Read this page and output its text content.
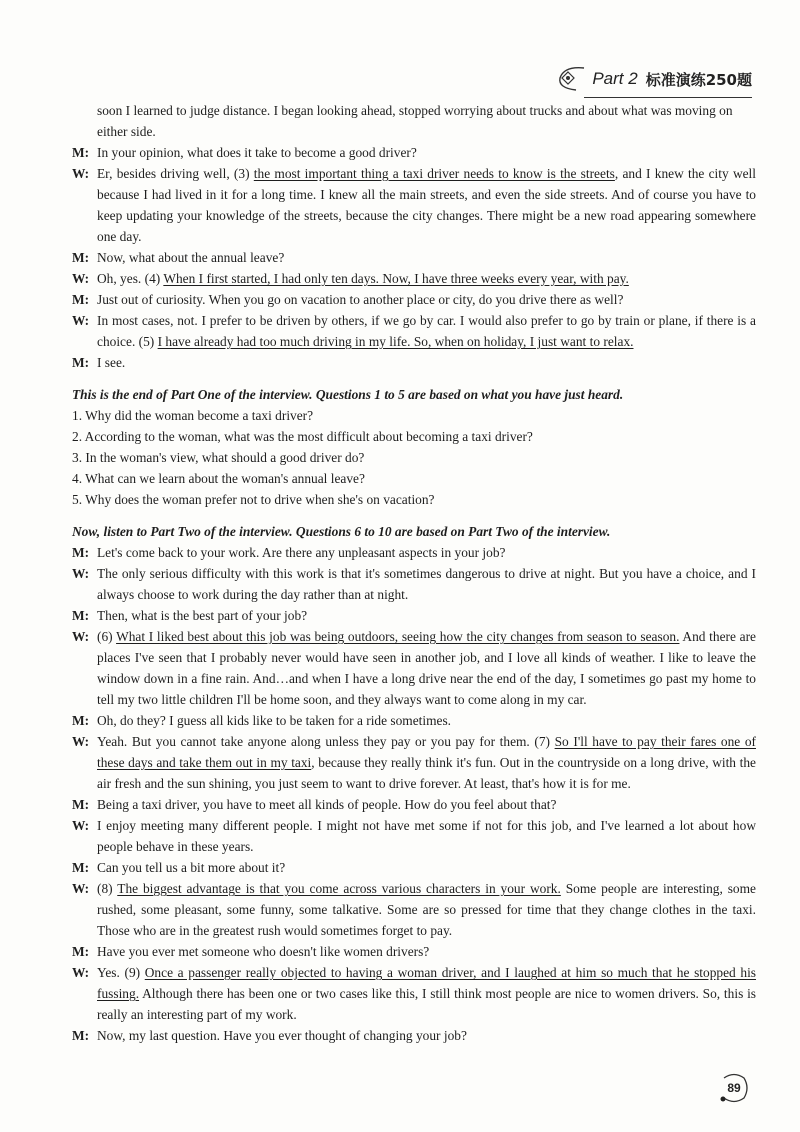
Part 2 标准演练250题

soon I learned to judge distance. I began looking ahead, stopped worrying about trucks and about what was moving on either side.

M: In your opinion, what does it take to become a good driver?
W: Er, besides driving well, (3) the most important thing a taxi driver needs to know is the streets, and I knew the city well because I had lived in it for a long time. I knew all the main streets, and even the side streets. And of course you have to keep updating your knowledge of the streets, because the city changes. There might be a new road appearing somewhere one day.
M: Now, what about the annual leave?
W: Oh, yes. (4) When I first started, I had only ten days. Now, I have three weeks every year, with pay.
M: Just out of curiosity. When you go on vacation to another place or city, do you drive there as well?
W: In most cases, not. I prefer to be driven by others, if we go by car. I would also prefer to go by train or plane, if there is a choice. (5) I have already had too much driving in my life. So, when on holiday, I just want to relax.
M: I see.

This is the end of Part One of the interview. Questions 1 to 5 are based on what you have just heard.

1. Why did the woman become a taxi driver?

2. According to the woman, what was the most difficult about becoming a taxi driver?

3. In the woman's view, what should a good driver do?

4. What can we learn about the woman's annual leave?

5. Why does the woman prefer not to drive when she's on vacation?

Now, listen to Part Two of the interview. Questions 6 to 10 are based on Part Two of the interview.

M: Let's come back to your work. Are there any unpleasant aspects in your job?
W: The only serious difficulty with this work is that it's sometimes dangerous to drive at night. But you have a choice, and I always choose to work during the day rather than at night.
M: Then, what is the best part of your job?
W: (6) What I liked best about this job was being outdoors, seeing how the city changes from season to season. And there are places I've seen that I probably never would have seen in another job, and I love all kinds of weather. I like to leave the window down in a fine rain. And…and when I have a long drive near the end of the day, I sometimes go past my home to tell my two little children I'll be home soon, and they always want to come along in my car.
M: Oh, do they? I guess all kids like to be taken for a ride sometimes.
W: Yeah. But you cannot take anyone along unless they pay or you pay for them. (7) So I'll have to pay their fares one of these days and take them out in my taxi, because they really think it's fun. Out in the countryside on a long drive, with the air fresh and the sun shining, you just seem to want to drive forever. At least, that's how it is for me.
M: Being a taxi driver, you have to meet all kinds of people. How do you feel about that?
W: I enjoy meeting many different people. I might not have met some if not for this job, and I've learned a lot about how people behave in these years.
M: Can you tell us a bit more about it?
W: (8) The biggest advantage is that you come across various characters in your work. Some people are interesting, some rushed, some pleasant, some funny, some talkative. Some are so pressed for time that they change clothes in the taxi. Those who are in the greatest rush would sometimes forget to pay.
M: Have you ever met someone who doesn't like women drivers?
W: Yes. (9) Once a passenger really objected to having a woman driver, and I laughed at him so much that he stopped his fussing. Although there has been one or two cases like this, I still think most people are nice to women drivers. So, this is really an interesting part of my work.
M: Now, my last question. Have you ever thought of changing your job?
89
